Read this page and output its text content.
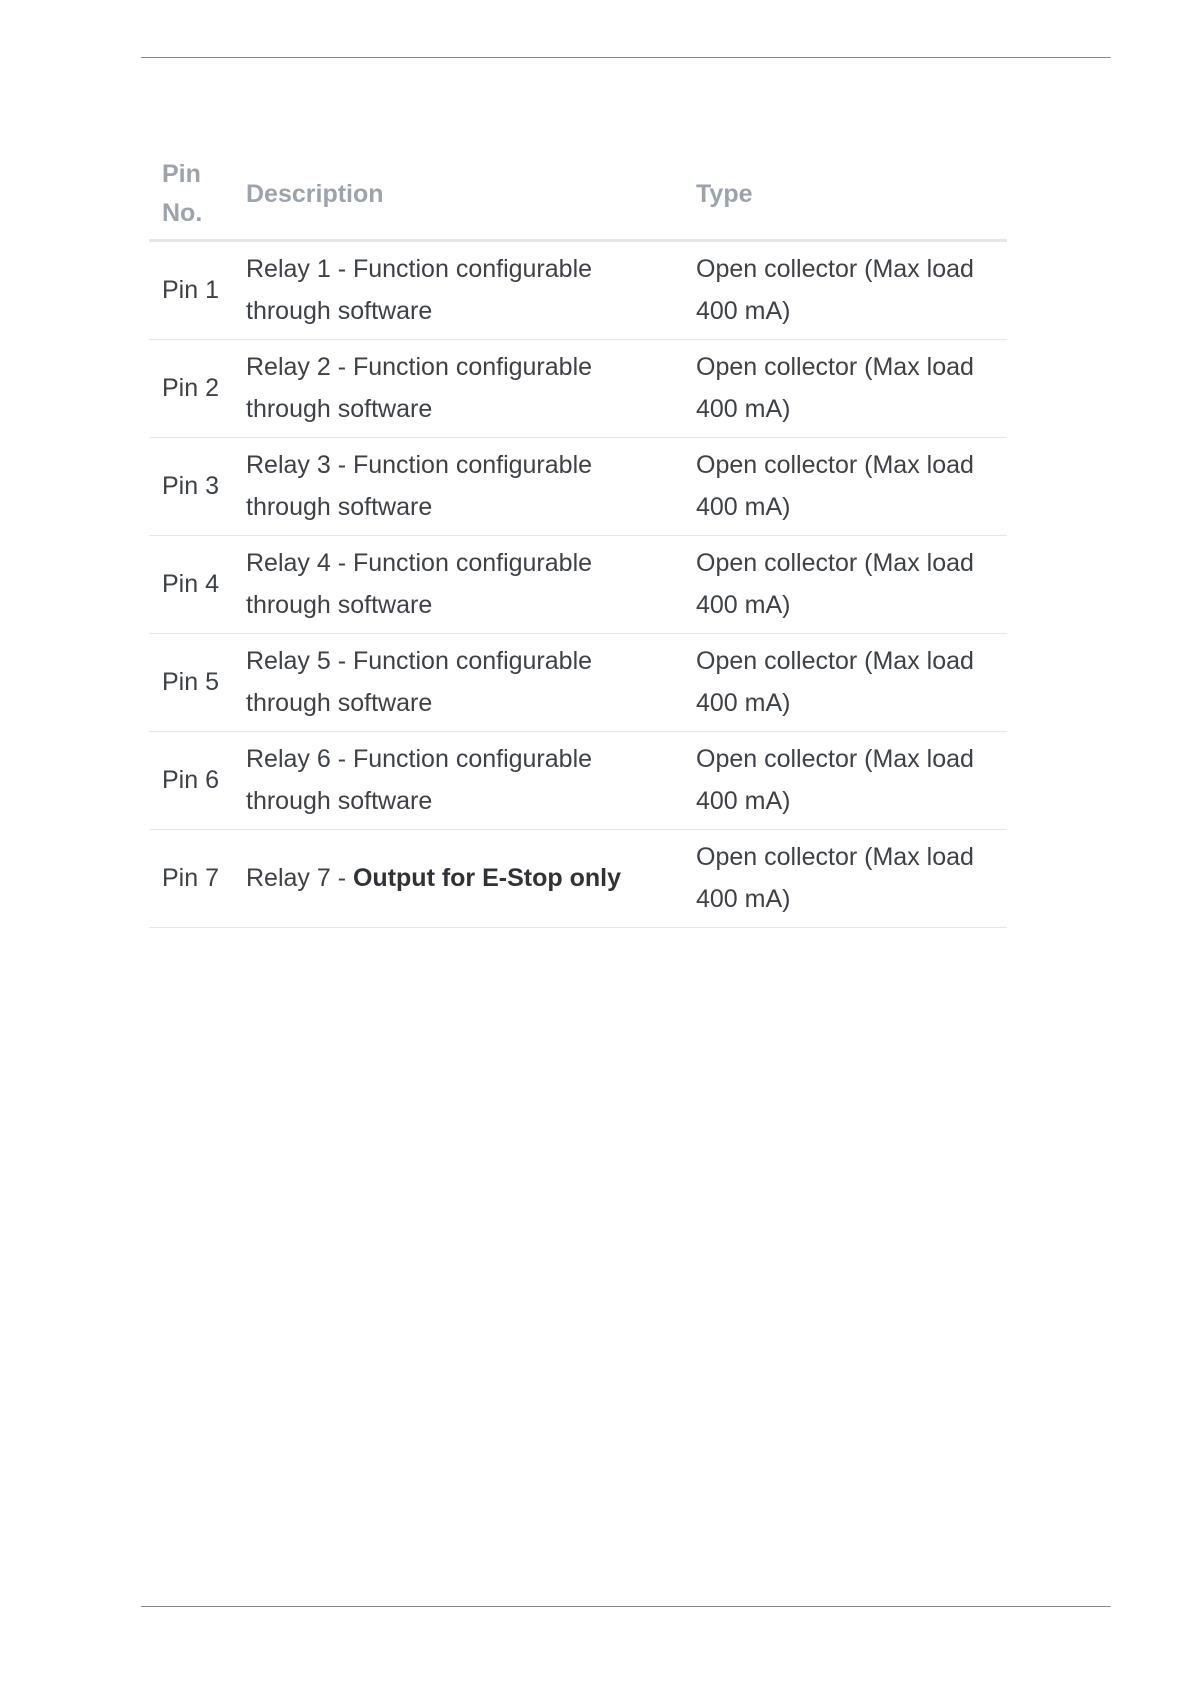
Pin No.	Description	Type
Pin 1	Relay 1 - Function configurable through software	Open collector (Max load 400 mA)
Pin 2	Relay 2 - Function configurable through software	Open collector (Max load 400 mA)
Pin 3	Relay 3 - Function configurable through software	Open collector (Max load 400 mA)
Pin 4	Relay 4 - Function configurable through software	Open collector (Max load 400 mA)
Pin 5	Relay 5 - Function configurable through software	Open collector (Max load 400 mA)
Pin 6	Relay 6 - Function configurable through software	Open collector (Max load 400 mA)
Pin 7	Relay 7 - Output for E-Stop only	Open collector (Max load 400 mA)
